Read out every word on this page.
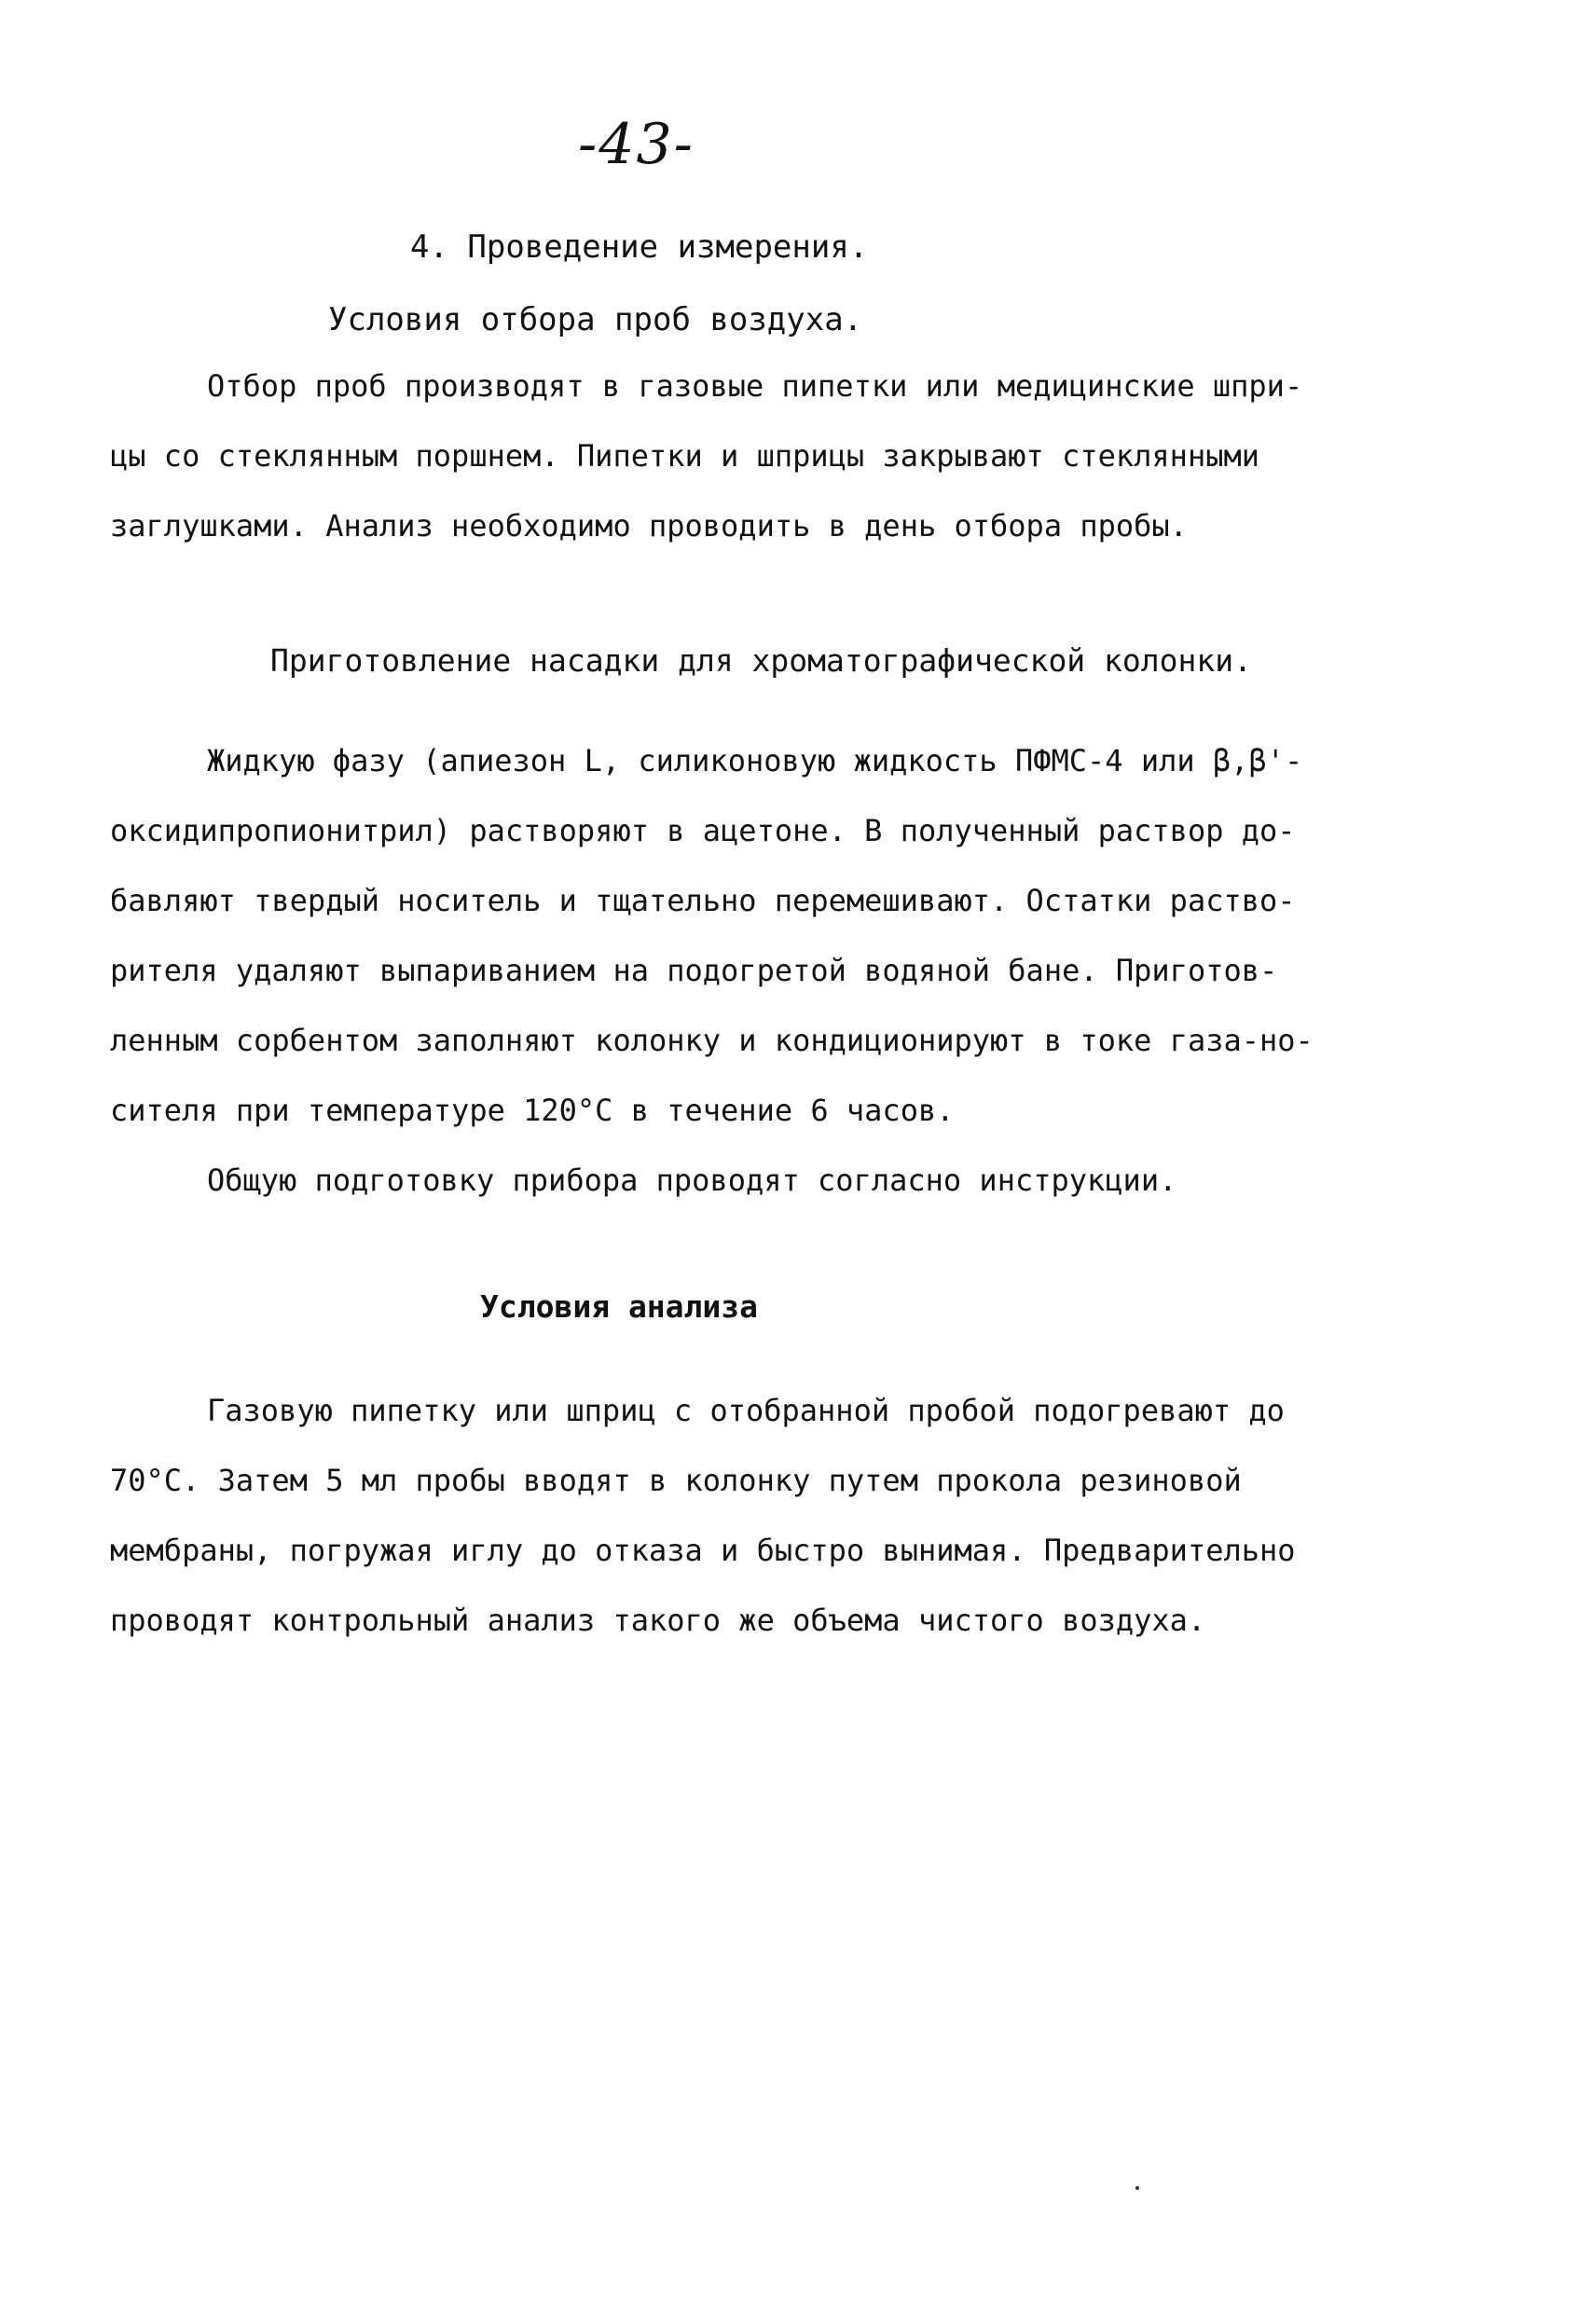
-43-
4. Проведение измерения.
Условия отбора проб воздуха.
Отбор проб производят в газовые пипетки или медицинские шпри-
цы со стеклянным поршнем. Пипетки и шприцы закрывают стеклянными
заглушками. Анализ необходимо проводить в день отбора пробы.
Приготовление насадки для хроматографической колонки.
Жидкую фазу (апиезон L, силиконовую жидкость ПФМС-4 или β,β'-
оксидипропионитрил) растворяют в ацетоне. В полученный раствор до-
бавляют твердый носитель и тщательно перемешивают. Остатки раство-
рителя удаляют выпариванием на подогретой водяной бане. Приготов-
ленным сорбентом заполняют колонку и кондиционируют в токе газа-но-
сителя при температуре 120°С в течение 6 часов.
Общую подготовку прибора проводят согласно инструкции.
Условия анализа
Газовую пипетку или шприц с отобранной пробой подогревают до
70°С. Затем 5 мл пробы вводят в колонку путем прокола резиновой
мембраны, погружая иглу до отказа и быстро вынимая. Предварительно
проводят контрольный анализ такого же объема чистого воздуха.
